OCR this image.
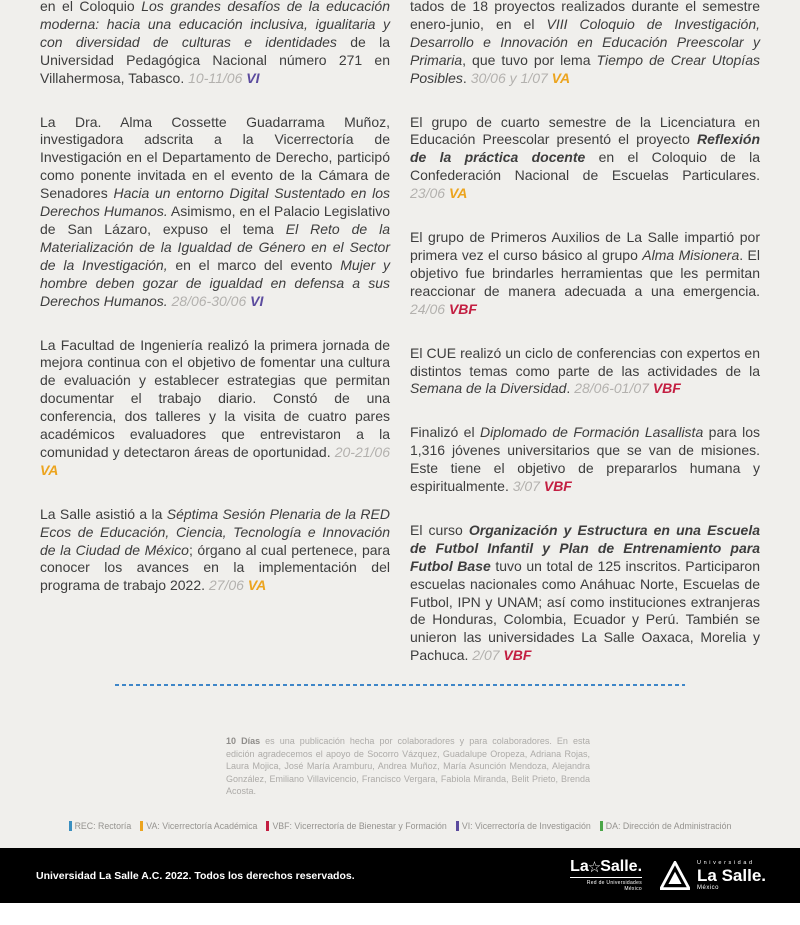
en el Coloquio Los grandes desafíos de la educación moderna: hacia una educación inclusiva, igualitaria y con diversidad de culturas e identidades de la Universidad Pedagógica Nacional número 271 en Villahermosa, Tabasco. 10-11/06 VI

La Dra. Alma Cossette Guadarrama Muñoz, investigadora adscrita a la Vicerrectoría de Investigación en el Departamento de Derecho, participó como ponente invitada en el evento de la Cámara de Senadores Hacia un entorno Digital Sustentado en los Derechos Humanos. Asimismo, en el Palacio Legislativo de San Lázaro, expuso el tema El Reto de la Materialización de la Igualdad de Género en el Sector de la Investigación, en el marco del evento Mujer y hombre deben gozar de igualdad en defensa a sus Derechos Humanos. 28/06-30/06 VI

La Facultad de Ingeniería realizó la primera jornada de mejora continua con el objetivo de fomentar una cultura de evaluación y establecer estrategias que permitan documentar el trabajo diario. Constó de una conferencia, dos talleres y la visita de cuatro pares académicos evaluadores que entrevistaron a la comunidad y detectaron áreas de oportunidad. 20-21/06 VA

La Salle asistió a la Séptima Sesión Plenaria de la RED Ecos de Educación, Ciencia, Tecnología e Innovación de la Ciudad de México; órgano al cual pertenece, para conocer los avances en la implementación del programa de trabajo 2022. 27/06 VA

tados de 18 proyectos realizados durante el semestre enero-junio, en el VIII Coloquio de Investigación, Desarrollo e Innovación en Educación Preescolar y Primaria, que tuvo por lema Tiempo de Crear Utopías Posibles. 30/06 y 1/07 VA

El grupo de cuarto semestre de la Licenciatura en Educación Preescolar presentó el proyecto Reflexión de la práctica docente en el Coloquio de la Confederación Nacional de Escuelas Particulares. 23/06 VA

El grupo de Primeros Auxilios de La Salle impartió por primera vez el curso básico al grupo Alma Misionera. El objetivo fue brindarles herramientas que les permitan reaccionar de manera adecuada a una emergencia. 24/06 VBF

El CUE realizó un ciclo de conferencias con expertos en distintos temas como parte de las actividades de la Semana de la Diversidad. 28/06-01/07 VBF

Finalizó el Diplomado de Formación Lasallista para los 1,316 jóvenes universitarios que se van de misiones. Este tiene el objetivo de prepararlos humana y espiritualmente. 3/07 VBF

El curso Organización y Estructura en una Escuela de Futbol Infantil y Plan de Entrenamiento para Futbol Base tuvo un total de 125 inscritos. Participaron escuelas nacionales como Anáhuac Norte, Escuelas de Futbol, IPN y UNAM; así como instituciones extranjeras de Honduras, Colombia, Ecuador y Perú. También se unieron las universidades La Salle Oaxaca, Morelia y Pachuca. 2/07 VBF

10 Días es una publicación hecha por colaboradores y para colaboradores. En esta edición agradecemos el apoyo de Socorro Vázquez, Guadalupe Oropeza, Adriana Rojas, Laura Mojica, José María Aramburu, Andrea Muñoz, María Asunción Mendoza, Alejandra González, Emiliano Villavicencio, Francisco Vergara, Fabiola Miranda, Belit Prieto, Brenda Acosta.

REC: Rectoría VA: Vicerrectoría Académica VBF: Vicerrectoría de Bienestar y Formación VI: Vicerrectoría de Investigación DA: Dirección de Administración
Universidad La Salle A.C. 2022. Todos los derechos reservados.
La ☆ Salle.
Red de Universidades
México
Universidad
La Salle.
México
